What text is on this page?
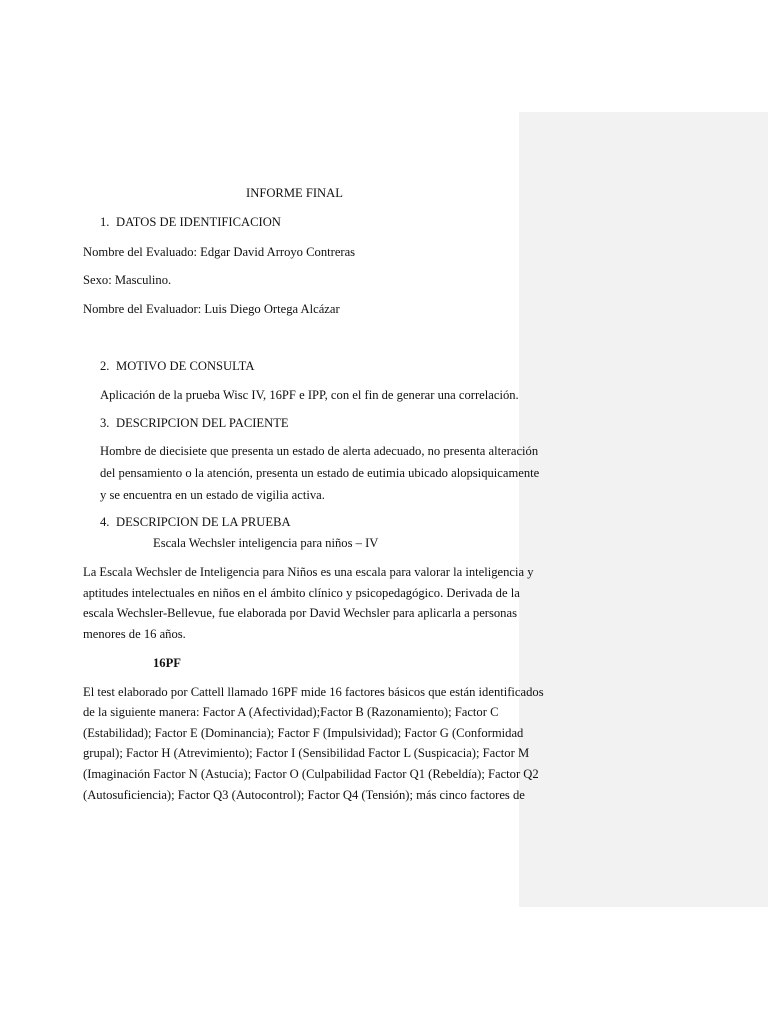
INFORME FINAL

1. DATOS DE IDENTIFICACION

Nombre del Evaluado: Edgar David Arroyo Contreras

Sexo: Masculino.

Nombre del Evaluador: Luis Diego Ortega Alcázar

2. MOTIVO DE CONSULTA

Aplicación de la prueba Wisc IV, 16PF e IPP, con el fin de generar una correlación.

3. DESCRIPCION DEL PACIENTE

Hombre de diecisiete que presenta un estado de alerta adecuado, no presenta alteración

del pensamiento o la atención, presenta un estado de eutimia ubicado alopsiquicamente

y se encuentra en un estado de vigilia activa.

4. DESCRIPCION DE LA PRUEBA

Escala Wechsler inteligencia para niños – IV

La Escala Wechsler de Inteligencia para Niños es una escala para valorar la inteligencia y

aptitudes intelectuales en niños en el ámbito clínico y psicopedagógico. Derivada de la

escala Wechsler-Bellevue, fue elaborada por David Wechsler para aplicarla a personas

menores de 16 años.

16PF

El test elaborado por Cattell llamado 16PF mide 16 factores básicos que están identificados

de la siguiente manera: Factor A (Afectividad);Factor B (Razonamiento); Factor C

(Estabilidad); Factor E (Dominancia); Factor F (Impulsividad); Factor G (Conformidad

grupal); Factor H (Atrevimiento); Factor I (Sensibilidad Factor L (Suspicacia); Factor M

(Imaginación Factor N (Astucia); Factor O (Culpabilidad Factor Q1 (Rebeldía); Factor Q2

(Autosuficiencia); Factor Q3 (Autocontrol); Factor Q4 (Tensión); más cinco factores de
